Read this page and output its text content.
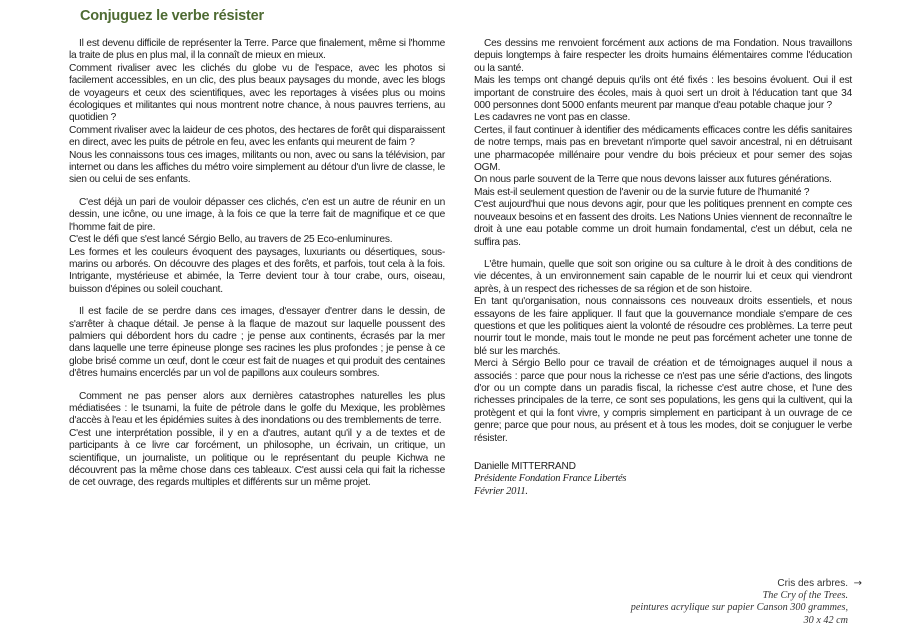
Conjuguez le verbe résister

Il est devenu difficile de représenter la Terre. Parce que finalement, même si l'homme la traite de plus en plus mal, il la connaît de mieux en mieux.

Comment rivaliser avec les clichés du globe vu de l'espace, avec les photos si facilement accessibles, en un clic, des plus beaux paysages du monde, avec les blogs de voyageurs et ceux des scientifiques, avec les reportages à visées plus ou moins écologiques et militantes qui nous montrent notre chance, à nous pauvres terriens, au quotidien ?

Comment rivaliser avec la laideur de ces photos, des hectares de forêt qui disparaissent en direct, avec les puits de pétrole en feu, avec les enfants qui meurent de faim ?

Nous les connaissons tous ces images, militants ou non, avec ou sans la télévision, par internet ou dans les affiches du métro voire simplement au détour d'un livre de classe, le sien ou celui de ses enfants.

C'est déjà un pari de vouloir dépasser ces clichés, c'en est un autre de réunir en un dessin, une icône, ou une image, à la fois ce que la terre fait de magnifique et ce que l'homme fait de pire.

C'est le défi que s'est lancé Sérgio Bello, au travers de 25 Eco-enluminures.

Les formes et les couleurs évoquent des paysages, luxuriants ou désertiques, sous-marins ou arborés. On découvre des plages et des forêts, et parfois, tout cela à la fois. Intrigante, mystérieuse et abimée, la Terre devient tour à tour crabe, ours, oiseau, buisson d'épines ou soleil couchant.

Il est facile de se perdre dans ces images, d'essayer d'entrer dans le dessin, de s'arrêter à chaque détail. Je pense à la flaque de mazout sur laquelle poussent des palmiers qui débordent hors du cadre ; je pense aux continents, écrasés par la mer dans laquelle une terre épineuse plonge ses racines les plus profondes ; je pense à ce globe brisé comme un œuf, dont le cœur est fait de nuages et qui produit des centaines d'êtres humains encerclés par un vol de papillons aux couleurs sombres.

Comment ne pas penser alors aux dernières catastrophes naturelles les plus médiatisées : le tsunami, la fuite de pétrole dans le golfe du Mexique, les problèmes d'accès à l'eau et les épidémies suites à des inondations ou des tremblements de terre.

C'est une interprétation possible, il y en a d'autres, autant qu'il y a de textes et de participants à ce livre car forcément, un philosophe, un écrivain, un critique, un scientifique, un journaliste, un politique ou le représentant du peuple Kichwa ne découvrent pas la même chose dans ces tableaux. C'est aussi cela qui fait la richesse de cet ouvrage, des regards multiples et différents sur un même projet.

Ces dessins me renvoient forcément aux actions de ma Fondation. Nous travaillons depuis longtemps à faire respecter les droits humains élémentaires comme l'éducation ou la santé.

Mais les temps ont changé depuis qu'ils ont été fixés : les besoins évoluent. Oui il est important de construire des écoles, mais à quoi sert un droit à l'éducation tant que 34 000 personnes dont 5000 enfants meurent par manque d'eau potable chaque jour ?

Les cadavres ne vont pas en classe.

Certes, il faut continuer à identifier des médicaments efficaces contre les défis sanitaires de notre temps, mais pas en brevetant n'importe quel savoir ancestral, ni en détruisant une pharmacopée millénaire pour vendre du bois précieux et pour semer des sojas OGM.

On nous parle souvent de la Terre que nous devons laisser aux futures générations.

Mais est-il seulement question de l'avenir ou de la survie future de l'humanité ?

C'est aujourd'hui que nous devons agir, pour que les politiques prennent en compte ces nouveaux besoins et en fassent des droits. Les Nations Unies viennent de reconnaître le droit à une eau potable comme un droit humain fondamental, c'est un début, cela ne suffira pas.

L'être humain, quelle que soit son origine ou sa culture à le droit à des conditions de vie décentes, à un environnement sain capable de le nourrir lui et ceux qui viendront après, à un respect des richesses de sa région et de son histoire.

En tant qu'organisation, nous connaissons ces nouveaux droits essentiels, et nous essayons de les faire appliquer. Il faut que la gouvernance mondiale s'empare de ces questions et que les politiques aient la volonté de résoudre ces problèmes. La terre peut nourrir tout le monde, mais tout le monde ne peut pas forcément acheter une tonne de blé sur les marchés.

Merci à Sérgio Bello pour ce travail de création et de témoignages auquel il nous a associés : parce que pour nous la richesse ce n'est pas une série d'actions, des lingots d'or ou un compte dans un paradis fiscal, la richesse c'est autre chose, et l'une des richesses principales de la terre, ce sont ses populations, les gens qui la cultivent, qui la protègent et qui la font vivre, y compris simplement en participant à un ouvrage de ce genre; parce que pour nous, au présent et à tous les modes, doit se conjuguer le verbe résister.

Danielle MITTERRAND
Présidente Fondation France Libertés
Février 2011.
Cris des arbres.
The Cry of the Trees.
peintures acrylique sur papier Canson 300 grammes,
30 x 42 cm
→
